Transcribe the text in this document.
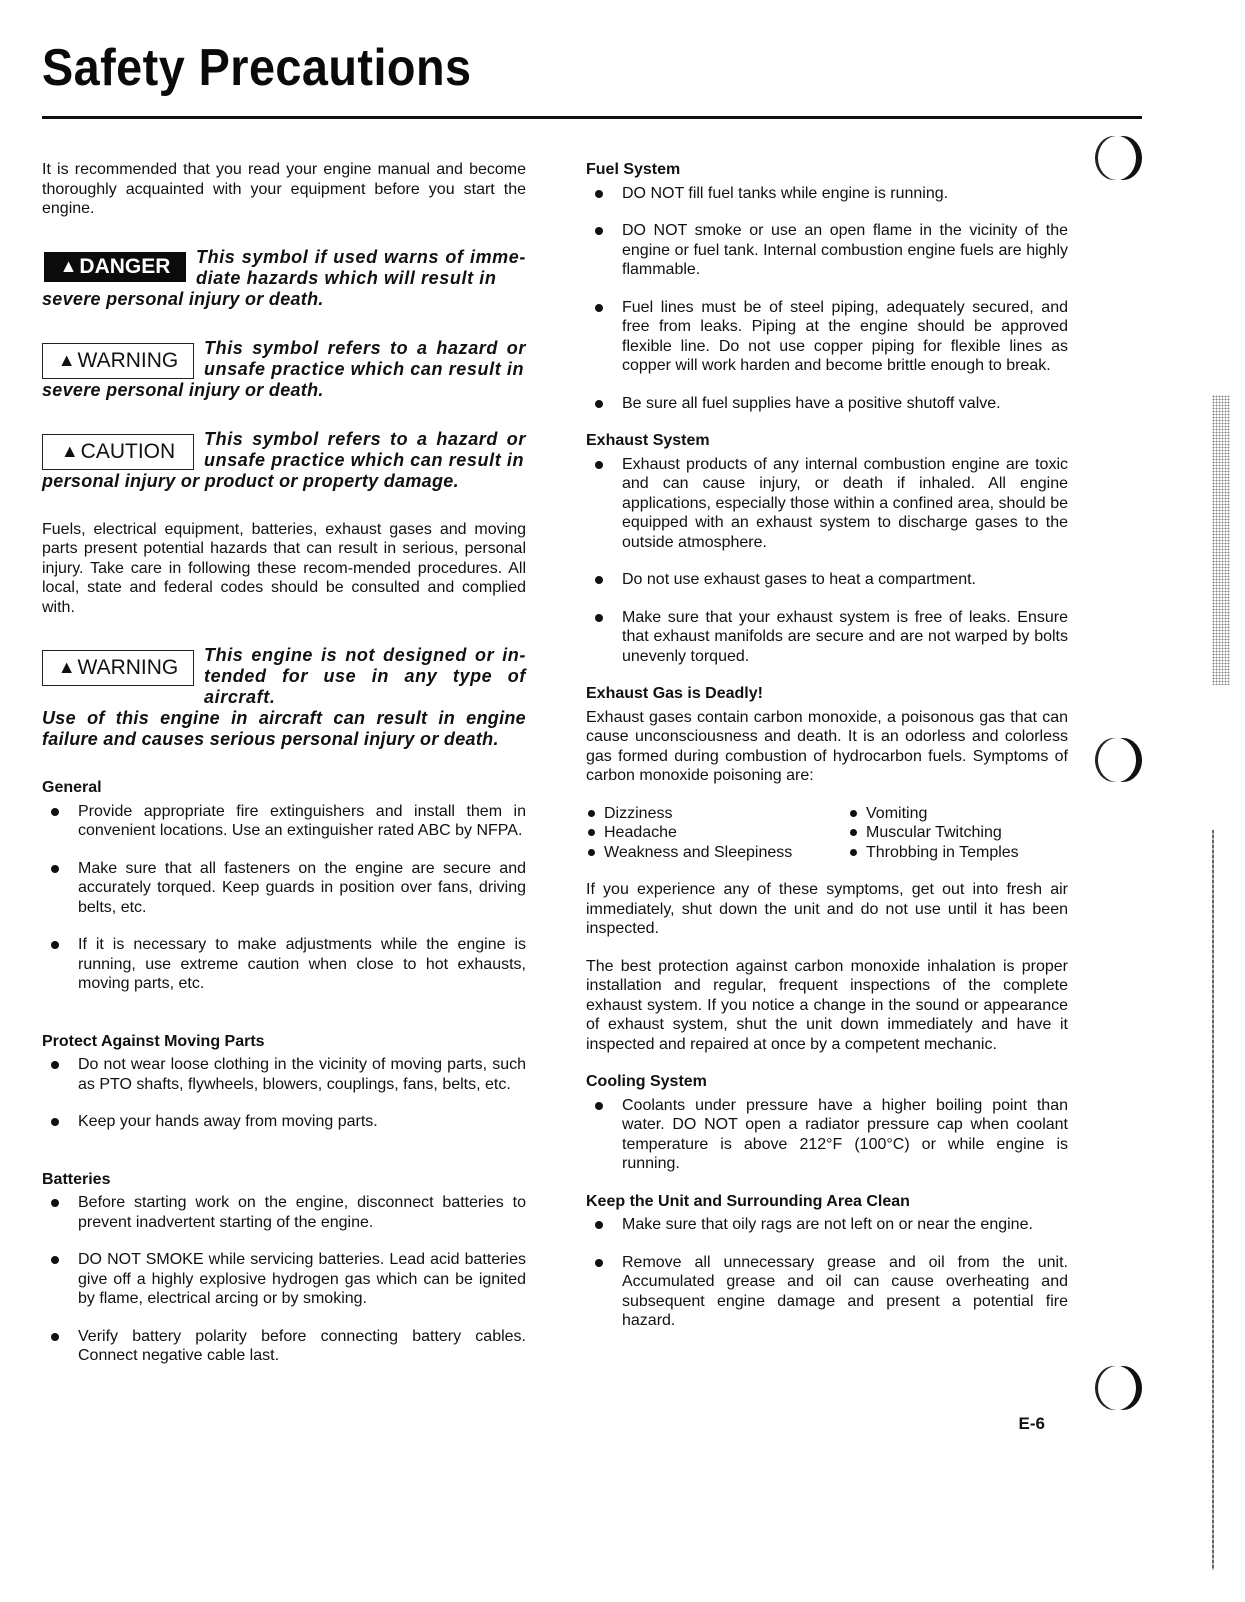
Safety Precautions

It is recommended that you read your engine manual and become thoroughly acquainted with your equipment before you start the engine.

▲ DANGER This symbol if used warns of imme-diate hazards which will result in
severe personal injury or death.
▲ WARNING
This symbol refers to a hazard or unsafe practice which can result in
severe personal injury or death.
▲ CAUTION
This symbol refers to a hazard or unsafe practice which can result in
personal injury or product or property damage.

Fuels, electrical equipment, batteries, exhaust gases and moving parts present potential hazards that can result in serious, personal injury. Take care in following these recom-mended procedures. All local, state and federal codes should be consulted and complied with.

▲ WARNING
This engine is not designed or in-tended for use in any type of aircraft.
Use of this engine in aircraft can result in engine failure and causes serious personal injury or death.
General
Provide appropriate fire extinguishers and install them in convenient locations. Use an extinguisher rated ABC by NFPA.
Make sure that all fasteners on the engine are secure and accurately torqued. Keep guards in position over fans, driving belts, etc.
If it is necessary to make adjustments while the engine is running, use extreme caution when close to hot exhausts, moving parts, etc.
Protect Against Moving Parts
Do not wear loose clothing in the vicinity of moving parts, such as PTO shafts, flywheels, blowers, couplings, fans, belts, etc.
Keep your hands away from moving parts.
Batteries
Before starting work on the engine, disconnect batteries to prevent inadvertent starting of the engine.
DO NOT SMOKE while servicing batteries. Lead acid batteries give off a highly explosive hydrogen gas which can be ignited by flame, electrical arcing or by smoking.
Verify battery polarity before connecting battery cables. Connect negative cable last.
Fuel System
DO NOT fill fuel tanks while engine is running.
DO NOT smoke or use an open flame in the vicinity of the engine or fuel tank. Internal combustion engine fuels are highly flammable.
Fuel lines must be of steel piping, adequately secured, and free from leaks. Piping at the engine should be approved flexible line. Do not use copper piping for flexible lines as copper will work harden and become brittle enough to break.
Be sure all fuel supplies have a positive shutoff valve.
Exhaust System
Exhaust products of any internal combustion engine are toxic and can cause injury, or death if inhaled. All engine applications, especially those within a confined area, should be equipped with an exhaust system to discharge gases to the outside atmosphere.
Do not use exhaust gases to heat a compartment.
Make sure that your exhaust system is free of leaks. Ensure that exhaust manifolds are secure and are not warped by bolts unevenly torqued.
Exhaust Gas is Deadly!

Exhaust gases contain carbon monoxide, a poisonous gas that can cause unconsciousness and death. It is an odorless and colorless gas formed during combustion of hydrocarbon fuels. Symptoms of carbon monoxide poisoning are:

Dizziness	Vomiting
Headache	Muscular Twitching
Weakness and Sleepiness	Throbbing in Temples

If you experience any of these symptoms, get out into fresh air immediately, shut down the unit and do not use until it has been inspected.

The best protection against carbon monoxide inhalation is proper installation and regular, frequent inspections of the complete exhaust system. If you notice a change in the sound or appearance of exhaust system, shut the unit down immediately and have it inspected and repaired at once by a competent mechanic.

Cooling System
Coolants under pressure have a higher boiling point than water. DO NOT open a radiator pressure cap when coolant temperature is above 212°F (100°C) or while engine is running.
Keep the Unit and Surrounding Area Clean
Make sure that oily rags are not left on or near the engine.
Remove all unnecessary grease and oil from the unit. Accumulated grease and oil can cause overheating and subsequent engine damage and present a potential fire hazard.
E-6
